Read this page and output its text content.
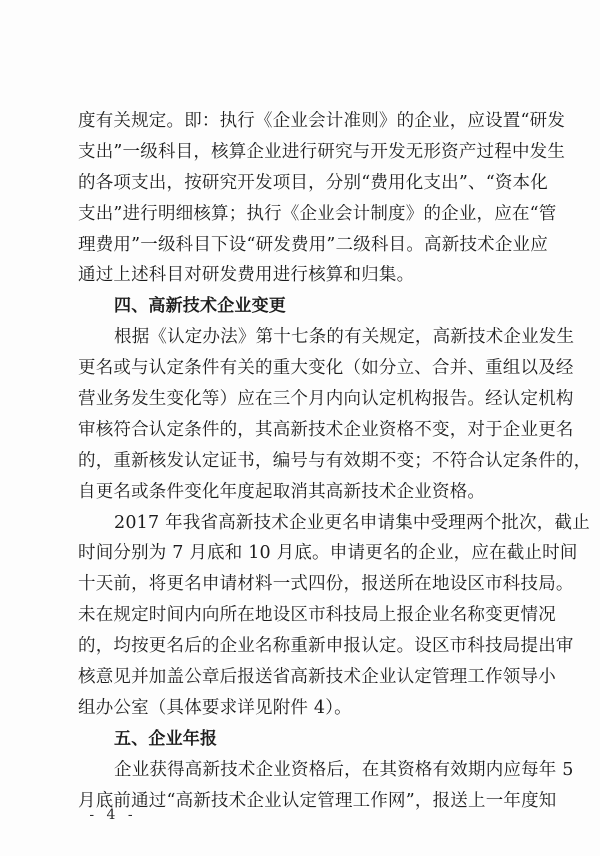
度有关规定。即：执行《企业会计准则》的企业，应设置“研发
支出”一级科目，核算企业进行研究与开发无形资产过程中发生
的各项支出，按研究开发项目，分别“费用化支出”、“资本化
支出”进行明细核算；执行《企业会计制度》的企业，应在“管
理费用”一级科目下设“研发费用”二级科目。高新技术企业应
通过上述科目对研发费用进行核算和归集。
四、高新技术企业变更
根据《认定办法》第十七条的有关规定，高新技术企业发生
更名或与认定条件有关的重大变化（如分立、合并、重组以及经
营业务发生变化等）应在三个月内向认定机构报告。经认定机构
审核符合认定条件的，其高新技术企业资格不变，对于企业更名
的，重新核发认定证书，编号与有效期不变；不符合认定条件的，
自更名或条件变化年度起取消其高新技术企业资格。
2017 年我省高新技术企业更名申请集中受理两个批次，截止
时间分别为 7 月底和 10 月底。申请更名的企业，应在截止时间
十天前，将更名申请材料一式四份，报送所在地设区市科技局。
未在规定时间内向所在地设区市科技局上报企业名称变更情况
的，均按更名后的企业名称重新申报认定。设区市科技局提出审
核意见并加盖公章后报送省高新技术企业认定管理工作领导小
组办公室（具体要求详见附件 4）。
五、企业年报
企业获得高新技术企业资格后，在其资格有效期内应每年 5
月底前通过“高新技术企业认定管理工作网”，报送上一年度知
- 4 -
